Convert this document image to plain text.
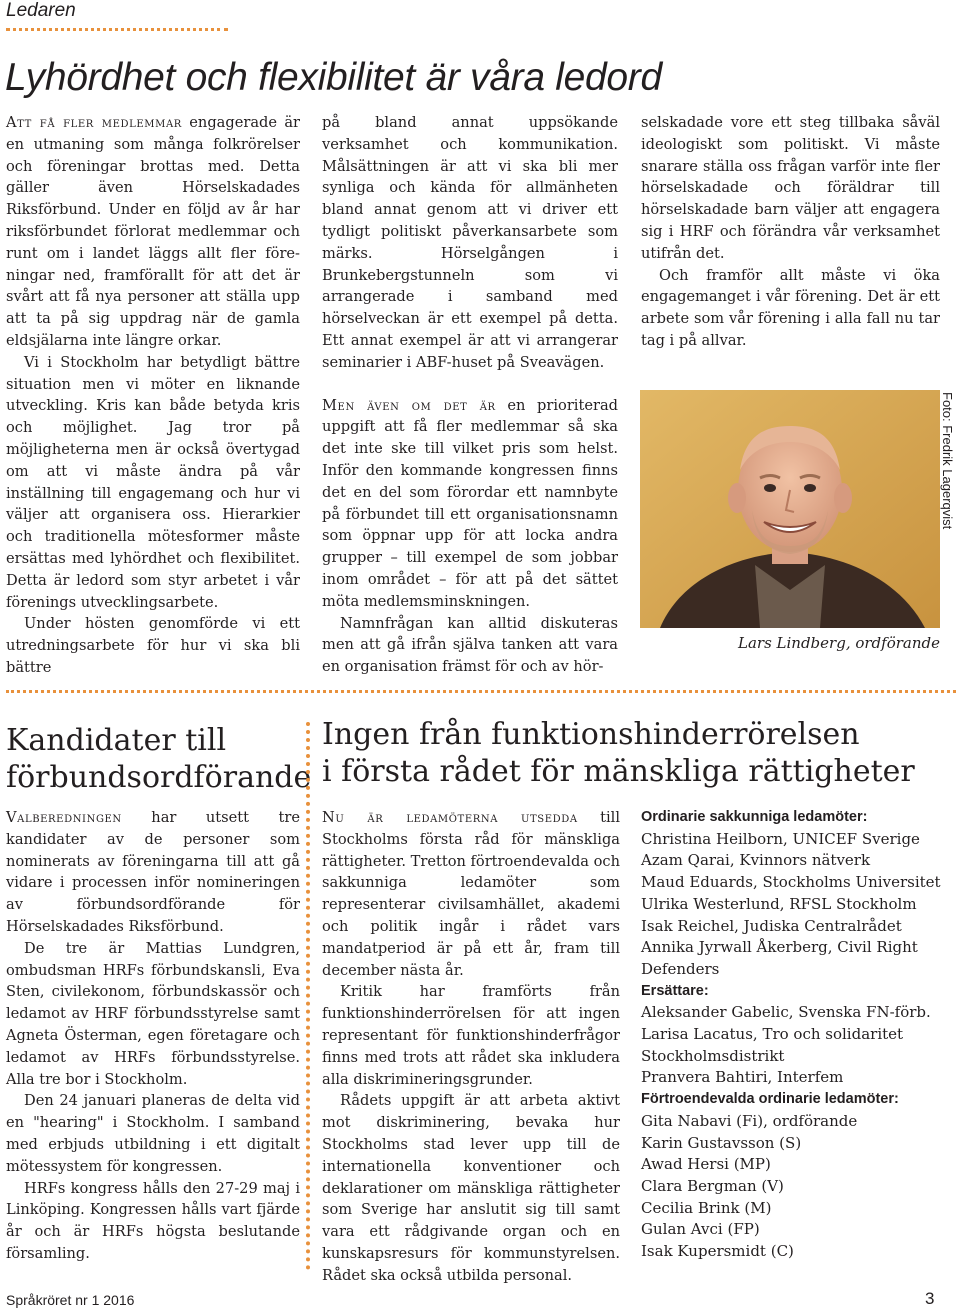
Ledaren
Lyhördhet och flexibilitet är våra ledord

Att få fler medlemmar engagerade är en utmaning som många folkrörelser och föreningar brottas med. Detta gäller även Hörselskadades Riksförbund. Under en följd av år har riksförbundet förlorat medlemmar och runt om i landet läggs allt fler före-ningar ned, framförallt för att det är svårt att få nya personer att ställa upp att ta på sig uppdrag när de gamla eldsjälarna inte längre orkar.

Vi i Stockholm har betydligt bättre situation men vi möter en liknande utveckling. Kris kan både betyda kris och möjlighet. Jag tror på möjligheterna men är också övertygad om att vi måste ändra på vår inställning till engagemang och hur vi väljer att organisera oss. Hierarkier och traditionella mötesformer måste ersättas med lyhördhet och flexibilitet. Detta är ledord som styr arbetet i vår förenings utvecklingsarbete.

Under hösten genomförde vi ett utredningsarbete för hur vi ska bli bättre

på bland annat uppsökande verksamhet och kommunikation. Målsättningen är att vi ska bli mer synliga och kända för allmänheten bland annat genom att vi driver ett tydligt politiskt påverkansarbete som märks. Hörselgången i Brunkebergstunneln som vi arrangerade i samband med hörselveckan är ett exempel på detta. Ett annat exempel är att vi arrangerar seminarier i ABF-huset på Sveavägen.

Men även om det är en prioriterad uppgift att få fler medlemmar så ska det inte ske till vilket pris som helst. Inför den kommande kongressen finns det en del som förordar ett namnbyte på förbundet till ett organisationsnamn som öppnar upp för att locka andra grupper – till exempel de som jobbar inom området – för att på det sättet möta medlemsminskningen.

Namnfrågan kan alltid diskuteras men att gå ifrån själva tanken att vara en organisation främst för och av hör-

selskadade vore ett steg tillbaka såväl ideologiskt som politiskt. Vi måste snarare ställa oss frågan varför inte fler hörselskadade och föräldrar till hörselskadade barn väljer att engagera sig i HRF och förändra vår verksamhet utifrån det.

Och framför allt måste vi öka engagemanget i vår förening. Det är ett arbete som vår förening i alla fall nu tar tag i på allvar.

Foto: Fredrik Lagerqvist
Lars Lindberg, ordförande
Kandidater till
förbundsordförande

Valberedningen har utsett tre kandidater av de personer som nominerats av föreningarna till att gå vidare i processen inför nomineringen av förbundsordförande för Hörselskadades Riksförbund.

De tre är Mattias Lundgren, ombudsman HRFs förbundskansli, Eva Sten, civilekonom, förbundskassör och ledamot av HRF förbundsstyrelse samt Agneta Österman, egen företagare och ledamot av HRFs förbundsstyrelse. Alla tre bor i Stockholm.

Den 24 januari planeras de delta vid en "hearing" i Stockholm. I samband med erbjuds utbildning i ett digitalt mötessystem för kongressen.

HRFs kongress hålls den 27-29 maj i Linköping. Kongressen hålls vart fjärde år och är HRFs högsta beslutande församling.

Ingen från funktionshinderrörelsen
i första rådet för mänskliga rättigheter

Nu är ledamöterna utsedda till Stockholms första råd för mänskliga rättigheter. Tretton förtroendevalda och sakkunniga ledamöter som representerar civilsamhället, akademi och politik ingår i rådet vars mandatperiod är på ett år, fram till december nästa år.

Kritik har framförts från funktionshinderrörelsen för att ingen representant för funktionshinderfrågor finns med trots att rådet ska inkludera alla diskrimineringsgrunder.

Rådets uppgift är att arbeta aktivt mot diskriminering, bevaka hur Stockholms stad lever upp till de internationella konventioner och deklarationer om mänskliga rättigheter som Sverige har anslutit sig till samt vara ett rådgivande organ och en kunskapsresurs för kommunstyrelsen. Rådet ska också utbilda personal.

Ordinarie sakkunniga ledamöter:
Christina Heilborn, UNICEF Sverige
Azam Qarai, Kvinnors nätverk
Maud Eduards, Stockholms Universitet
Ulrika Westerlund, RFSL Stockholm
Isak Reichel, Judiska Centralrådet
Annika Jyrwall Åkerberg, Civil Right
Defenders
Ersättare:
Aleksander Gabelic, Svenska FN-förb.
Larisa Lacatus, Tro och solidaritet
Stockholmsdistrikt
Pranvera Bahtiri, Interfem
Förtroendevalda ordinarie ledamöter:
Gita Nabavi (Fi), ordförande
Karin Gustavsson (S)
Awad Hersi (MP)
Clara Bergman (V)
Cecilia Brink (M)
Gulan Avci (FP)
Isak Kupersmidt (C)
Språkröret nr 1 2016	3
